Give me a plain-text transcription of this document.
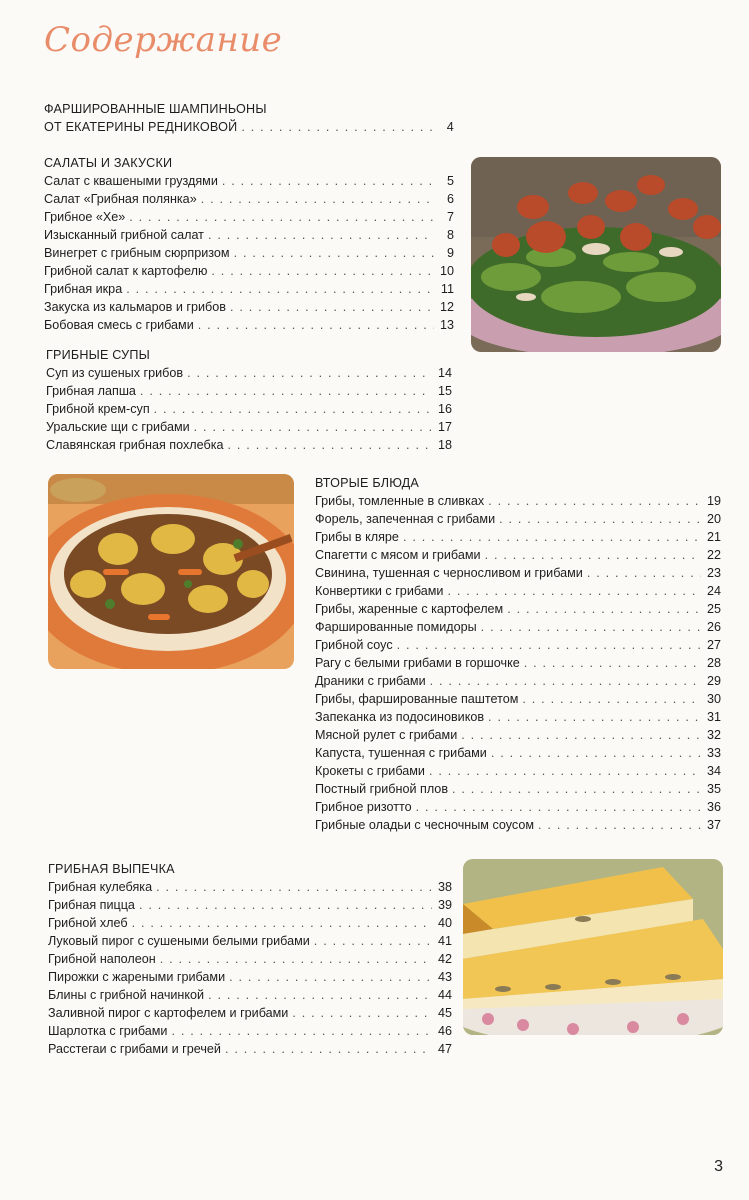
Содержание
ФАРШИРОВАННЫЕ ШАМПИНЬОНЫ
ОТ ЕКАТЕРИНЫ РЕДНИКОВОЙ . . .	4
САЛАТЫ И ЗАКУСКИ
Салат с квашеными груздями . . .	5
Салат «Грибная полянка» . . .	6
Грибное «Хе» . . .	7
Изысканный грибной салат . . .	8
Винегрет с грибным сюрпризом . . .	9
Грибной салат к картофелю . . .	10
Грибная икра . . .	11
Закуска из кальмаров и грибов . . .	12
Бобовая смесь с грибами . . .	13
ГРИБНЫЕ СУПЫ
Суп из сушеных грибов . . .	14
Грибная лапша . . .	15
Грибной крем-суп . . .	16
Уральские щи с грибами . . .	17
Славянская грибная похлебка . . .	18
ВТОРЫЕ БЛЮДА
Грибы, томленные в сливках . . .	19
Форель, запеченная с грибами . . .	20
Грибы в кляре . . .	21
Спагетти с мясом и грибами . . .	22
Свинина, тушенная с черносливом и грибами . . .	23
Конвертики с грибами . . .	24
Грибы, жаренные с картофелем . . .	25
Фаршированные помидоры . . .	26
Грибной соус . . .	27
Рагу с белыми грибами в горшочке . . .	28
Драники с грибами . . .	29
Грибы, фаршированные паштетом . . .	30
Запеканка из подосиновиков . . .	31
Мясной рулет с грибами . . .	32
Капуста, тушенная с грибами . . .	33
Крокеты с грибами . . .	34
Постный грибной плов . . .	35
Грибное ризотто . . .	36
Грибные оладьи с чесночным соусом . . .	37
ГРИБНАЯ ВЫПЕЧКА
Грибная кулебяка . . .	38
Грибная пицца . . .	39
Грибной хлеб . . .	40
Луковый пирог с сушеными белыми грибами . . .	41
Грибной наполеон . . .	42
Пирожки с жареными грибами . . .	43
Блины с грибной начинкой . . .	44
Заливной пирог с картофелем и грибами . . .	45
Шарлотка с грибами . . .	46
Расстегаи с грибами и гречей . . .	47
3
